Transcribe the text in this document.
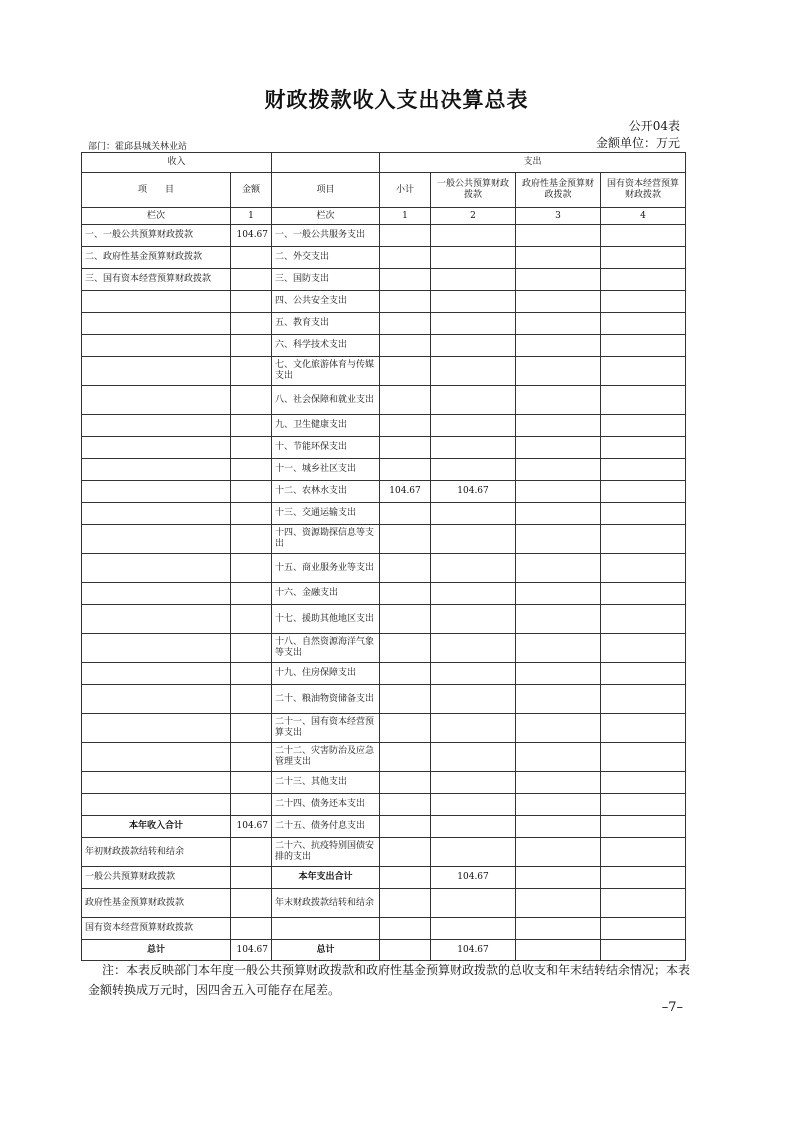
财政拨款收入支出决算总表
公开04表
部门：霍邱县城关林业站	金额单位：万元
收入			支出			
项　　目	金额	项目	小计	一般公共预算财政拨款	政府性基金预算财政拨款	国有资本经营预算财政拨款
栏次	1	栏次	1	2	3	4
一、一般公共预算财政拨款	104.67	一、一般公共服务支出				
二、政府性基金预算财政拨款		二、外交支出				
三、国有资本经营预算财政拨款		三、国防支出				
		四、公共安全支出				
		五、教育支出				
		六、科学技术支出				
		七、文化旅游体育与传媒支出				
		八、社会保障和就业支出				
		九、卫生健康支出				
		十、节能环保支出				
		十一、城乡社区支出				
		十二、农林水支出	104.67	104.67		
		十三、交通运输支出				
		十四、资源勘探信息等支出				
		十五、商业服务业等支出				
		十六、金融支出				
		十七、援助其他地区支出				
		十八、自然资源海洋气象等支出				
		十九、住房保障支出				
		二十、粮油物资储备支出				
		二十一、国有资本经营预算支出				
		二十二、灾害防治及应急管理支出				
		二十三、其他支出				
		二十四、债务还本支出				
本年收入合计	104.67	二十五、债务付息支出				
年初财政拨款结转和结余		二十六、抗疫特别国债安排的支出				
一般公共预算财政拨款		本年支出合计		104.67		
政府性基金预算财政拨款		年末财政拨款结转和结余				
国有资本经营预算财政拨款						
总计	104.67	总计		104.67		
注：本表反映部门本年度一般公共预算财政拨款和政府性基金预算财政拨款的总收支和年末结转结余情况；本表金额转换成万元时，因四舍五入可能存在尾差。
–7–
